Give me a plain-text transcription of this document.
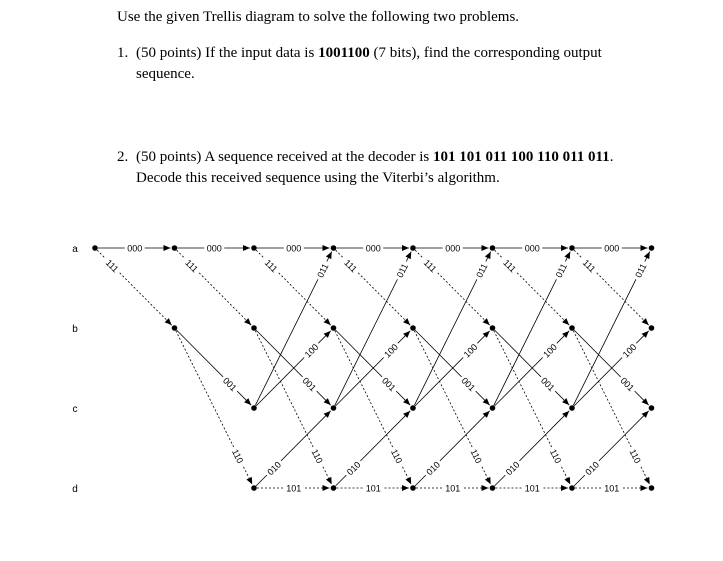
Use the given Trellis diagram to solve the following two problems.

1. (50 points) If the input data is 1001100 (7 bits), find the corresponding output sequence.
2. (50 points) A sequence received at the decoder is 101 101 011 100 110 011 011. Decode this received sequence using the Viterbi’s algorithm.
a
b
c
d
000
111
000
111
001
110
000
111
001
110
011
100
010
101
000
111
001
110
011
100
010
101
000
111
001
110
011
100
010
101
000
111
001
110
011
100
010
101
000
111
001
110
011
100
010
101
